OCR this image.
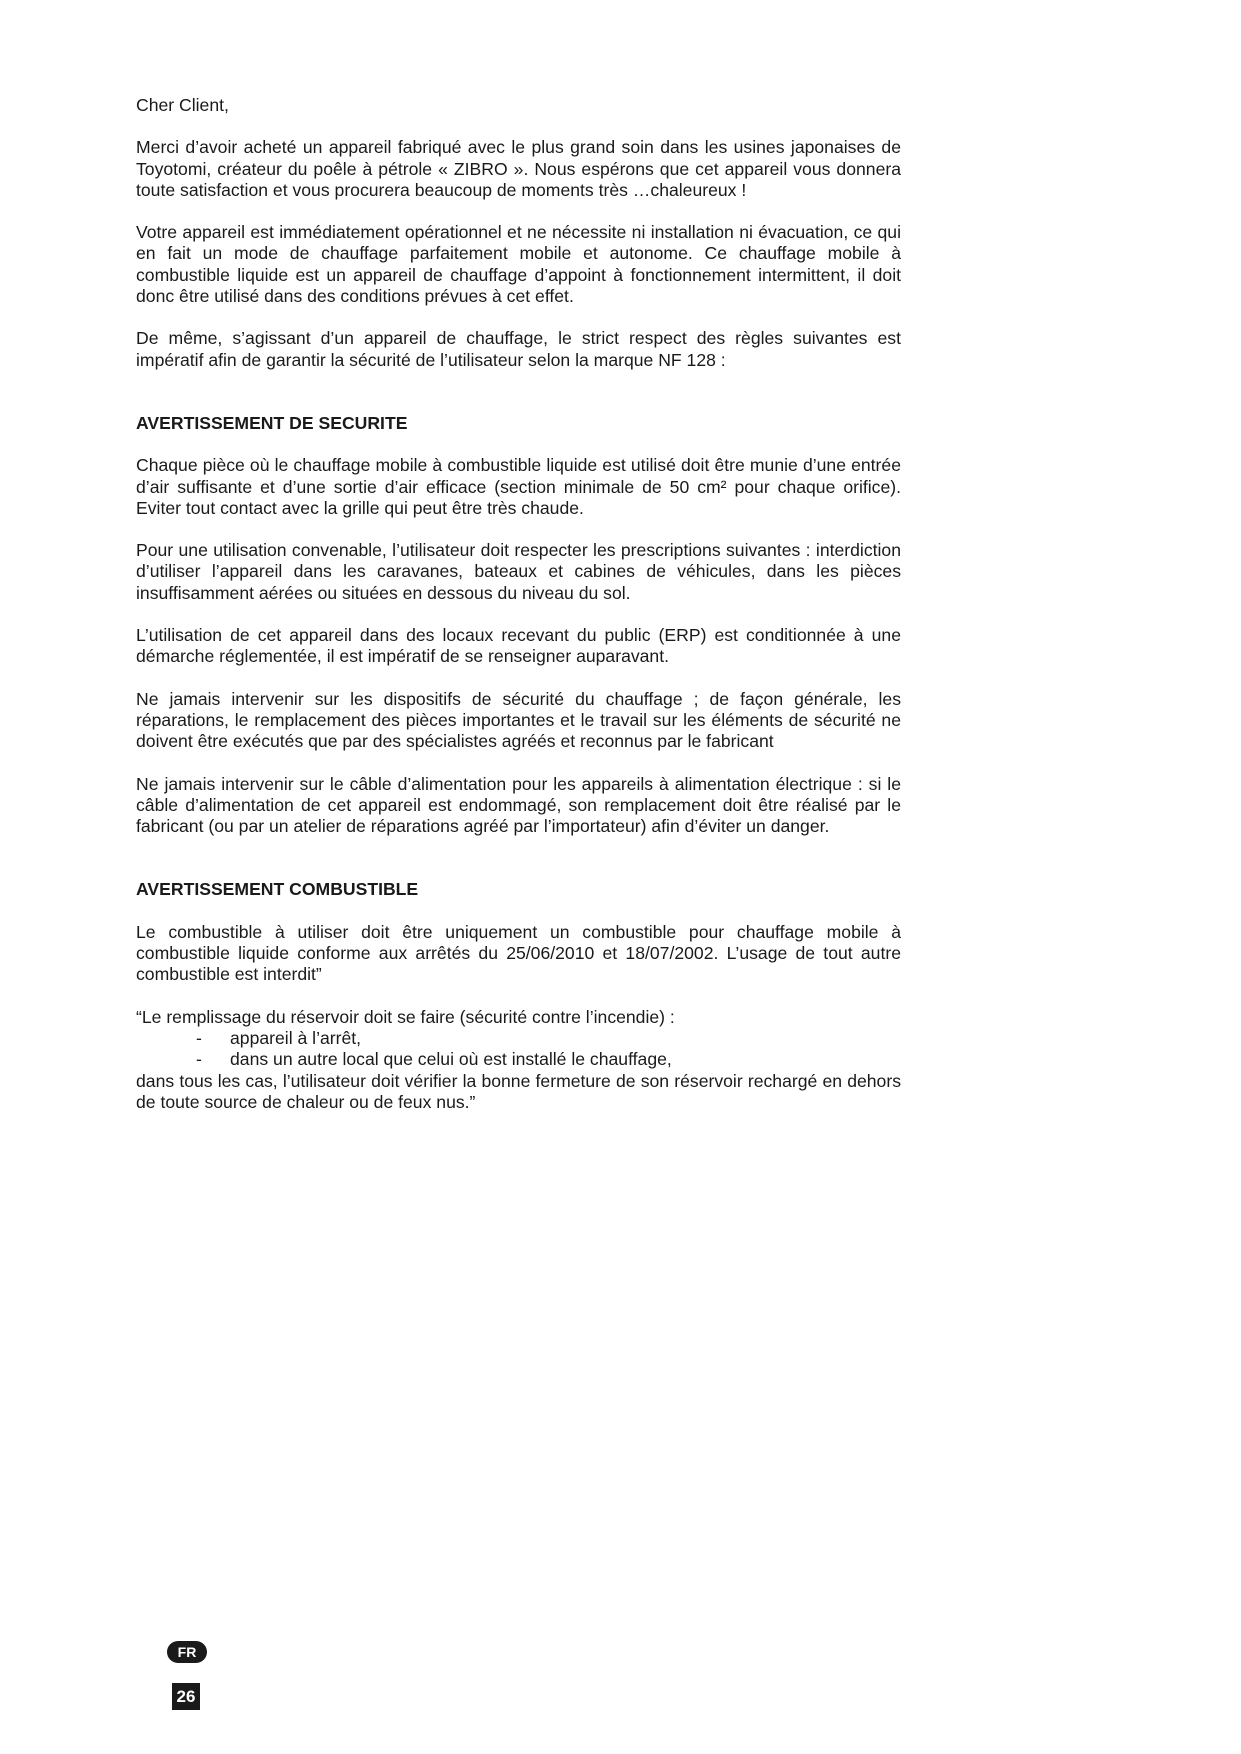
Cher Client,

Merci d’avoir acheté un appareil fabriqué avec le plus grand soin dans les usines japonaises de Toyotomi, créateur du poêle à pétrole « ZIBRO ». Nous espérons que cet appareil vous donnera toute satisfaction et vous procurera beaucoup de moments très …chaleureux !

Votre appareil est immédiatement opérationnel et ne nécessite ni installation ni évacuation, ce qui en fait un mode de chauffage parfaitement mobile et autonome. Ce chauffage mobile à combustible liquide est un appareil de chauffage d’appoint à fonctionnement intermittent, il doit donc être utilisé dans des conditions prévues à cet effet.

De même, s’agissant d’un appareil de chauffage, le strict respect des règles suivantes est impératif afin de garantir la sécurité de l’utilisateur selon la marque NF 128 :

AVERTISSEMENT DE SECURITE

Chaque pièce où le chauffage mobile à combustible liquide est utilisé doit être munie d’une entrée d’air suffisante et d’une sortie d’air efficace (section minimale de 50 cm² pour chaque orifice). Eviter tout contact avec la grille qui peut être très chaude.

Pour une utilisation convenable, l’utilisateur doit respecter les prescriptions suivantes : interdiction d’utiliser l’appareil dans les caravanes, bateaux et cabines de véhicules, dans les pièces insuffisamment aérées ou situées en dessous du niveau du sol.

L’utilisation de cet appareil dans des locaux recevant du public (ERP) est conditionnée à une démarche réglementée, il est impératif de se renseigner auparavant.

Ne jamais intervenir sur les dispositifs de sécurité du chauffage ; de façon générale, les réparations, le remplacement des pièces importantes et le travail sur les éléments de sécurité ne doivent être exécutés que par des spécialistes agréés et reconnus par le fabricant

Ne jamais intervenir sur le câble d’alimentation pour les appareils à alimentation électrique : si le câble d’alimentation de cet appareil est endommagé, son remplacement doit être réalisé par le fabricant (ou par un atelier de réparations agréé par l’importateur) afin d’éviter un danger.

AVERTISSEMENT COMBUSTIBLE

Le combustible à utiliser doit être uniquement un combustible pour chauffage mobile à combustible liquide conforme aux arrêtés du 25/06/2010 et 18/07/2002. L’usage de tout autre combustible est interdit”

“Le remplissage du réservoir doit se faire (sécurité contre l’incendie) :

- appareil à l’arrêt,
- dans un autre local que celui où est installé le chauffage,

dans tous les cas, l’utilisateur doit vérifier la bonne fermeture de son réservoir rechargé en dehors de toute source de chaleur ou de feux nus.”

FR
26
